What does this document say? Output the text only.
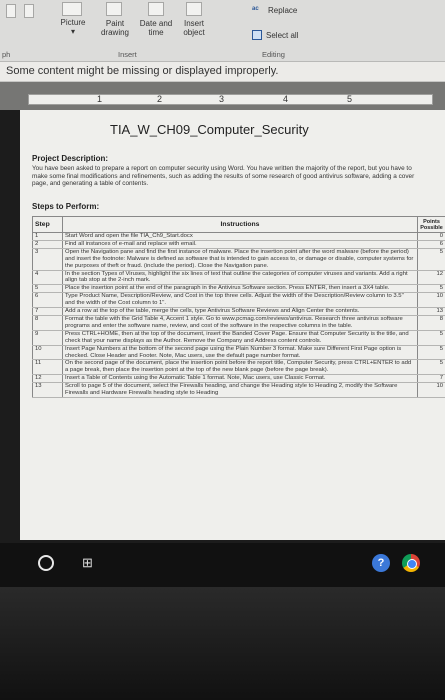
Picture
▾
Paint
drawing
Date and
time
Insert
object
ac	Replace
Select all
ph	Insert	Editing
Some content might be missing or displayed improperly.
1	2	3	4	5
TIA_W_CH09_Computer_Security
Project Description:
You have been asked to prepare a report on computer security using Word. You have written the majority of the report, but you have to make some final modifications and refinements, such as adding the results of some research of good antivirus software, adding a cover page, and generating a table of contents.
Steps to Perform:
Step	Instructions	Points Possible
1	Start Word and open the file TIA_Ch9_Start.docx	0
2	Find all instances of e-mail and replace with email.	6
3	Open the Navigation pane and find the first instance of malware. Place the insertion point after the word malware (before the period) and insert the footnote: Malware is defined as software that is intended to gain access to, or damage or disable, computer systems for the purposes of theft or fraud. (include the period). Close the Navigation pane.	5
4	In the section Types of Viruses, highlight the six lines of text that outline the categories of computer viruses and variants. Add a right align tab stop at the 2-inch mark.	12
5	Place the insertion point at the end of the paragraph in the Antivirus Software section. Press ENTER, then insert a 3X4 table.	5
6	Type Product Name, Description/Review, and Cost in the top three cells. Adjust the width of the Description/Review column to 3.5" and the width of the Cost column to 1".	10
7	Add a row at the top of the table, merge the cells, type Antivirus Software Reviews and Align Center the contents.	13
8	Format the table with the Grid Table 4, Accent 1 style. Go to www.pcmag.com/reviews/antivirus. Research three antivirus software programs and enter the software name, review, and cost of the software in the respective columns in the table.	8
9	Press CTRL+HOME, then at the top of the document, insert the Banded Cover Page. Ensure that Computer Security is the title, and check that your name displays as the Author. Remove the Company and Address content controls.	5
10	Insert Page Numbers at the bottom of the second page using the Plain Number 3 format. Make sure Different First Page option is checked. Close Header and Footer. Note, Mac users, use the default page number format.	5
11	On the second page of the document, place the insertion point before the report title, Computer Security, press CTRL+ENTER to add a page break, then place the insertion point at the top of the new blank page (before the page break).	5
12	Insert a Table of Contents using the Automatic Table 1 format. Note, Mac users, use Classic Format.	7
13	Scroll to page 5 of the document, select the Firewalls heading, and change the Heading style to Heading 2, modify the Software Firewalls and Hardware Firewalls heading style to Heading	10
⊞	?
